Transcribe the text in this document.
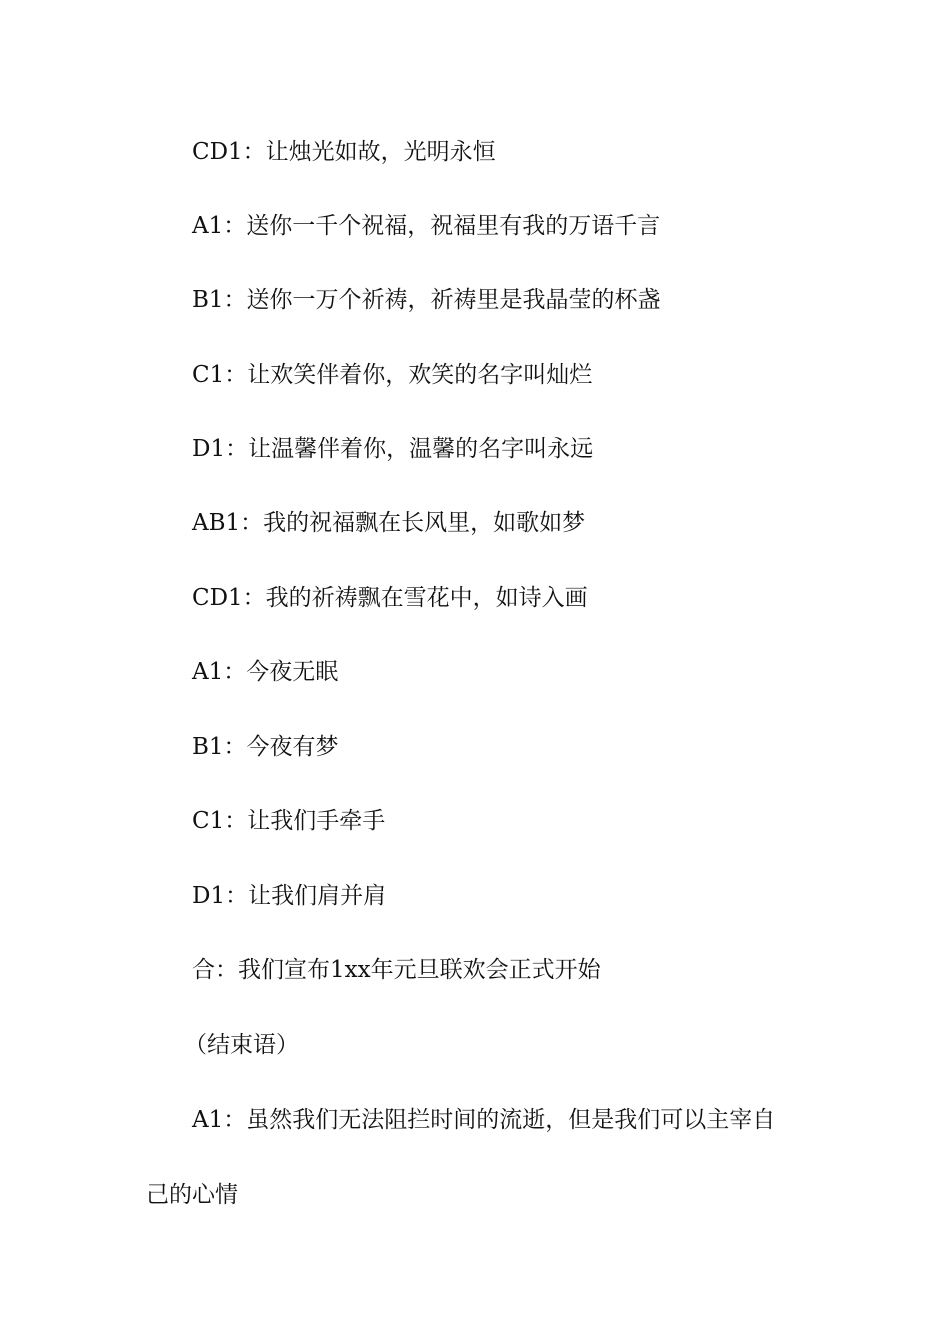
CD1：让烛光如故，光明永恒

A1：送你一千个祝福，祝福里有我的万语千言

B1：送你一万个祈祷，祈祷里是我晶莹的杯盏

C1：让欢笑伴着你，欢笑的名字叫灿烂

D1：让温馨伴着你，温馨的名字叫永远

AB1：我的祝福飘在长风里，如歌如梦

CD1：我的祈祷飘在雪花中，如诗入画

A1：今夜无眠

B1：今夜有梦

C1：让我们手牵手

D1：让我们肩并肩

合：我们宣布1xx年元旦联欢会正式开始

（结束语）

A1：虽然我们无法阻拦时间的流逝，但是我们可以主宰自

己的心情
